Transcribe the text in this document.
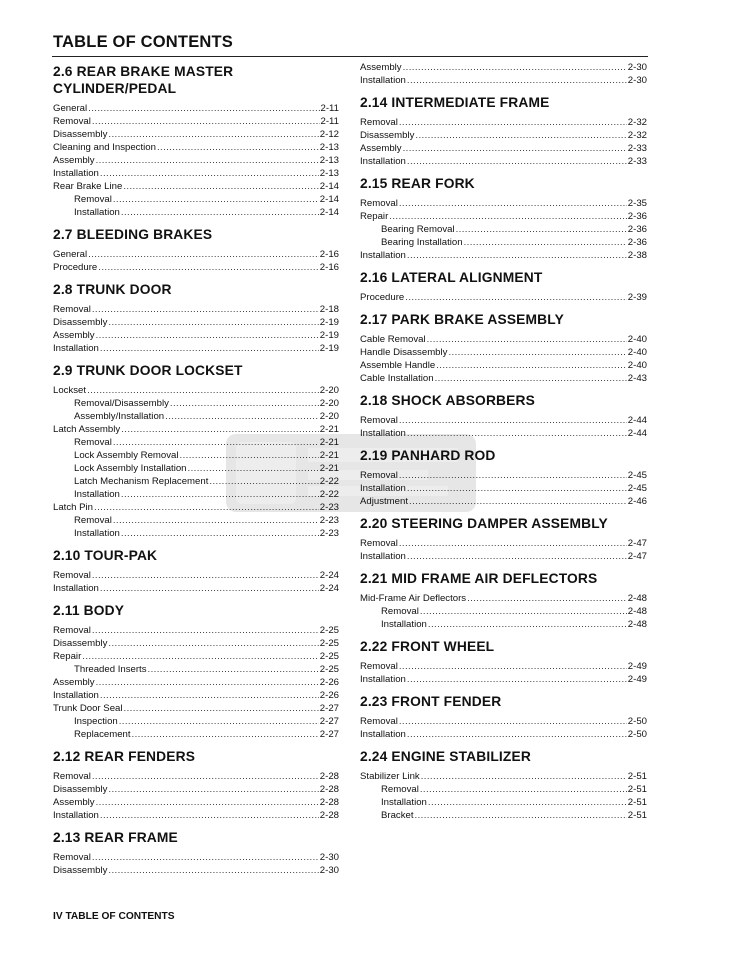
TABLE OF CONTENTS
2.6 REAR BRAKE MASTER CYLINDER/PEDAL
General .....	2-11
Removal .....	2-11
Disassembly .....	2-12
Cleaning and Inspection .....	2-13
Assembly .....	2-13
Installation .....	2-13
Rear Brake Line .....	2-14
Removal .....	2-14
Installation .....	2-14
2.7 BLEEDING BRAKES
General .....	2-16
Procedure .....	2-16
2.8 TRUNK DOOR
Removal .....	2-18
Disassembly .....	2-19
Assembly .....	2-19
Installation .....	2-19
2.9 TRUNK DOOR LOCKSET
Lockset .....	2-20
Removal/Disassembly .....	2-20
Assembly/Installation .....	2-20
Latch Assembly .....	2-21
Removal .....	2-21
Lock Assembly Removal .....	2-21
Lock Assembly Installation .....	2-21
Latch Mechanism Replacement .....	2-22
Installation .....	2-22
Latch Pin .....	2-23
Removal .....	2-23
Installation .....	2-23
2.10 TOUR-PAK
Removal .....	2-24
Installation .....	2-24
2.11 BODY
Removal .....	2-25
Disassembly .....	2-25
Repair .....	2-25
Threaded Inserts .....	2-25
Assembly .....	2-26
Installation .....	2-26
Trunk Door Seal .....	2-27
Inspection .....	2-27
Replacement .....	2-27
2.12 REAR FENDERS
Removal .....	2-28
Disassembly .....	2-28
Assembly .....	2-28
Installation .....	2-28
2.13 REAR FRAME
Removal .....	2-30
Disassembly .....	2-30
Assembly .....	2-30
Installation .....	2-30
2.14 INTERMEDIATE FRAME
Removal .....	2-32
Disassembly .....	2-32
Assembly .....	2-33
Installation .....	2-33
2.15 REAR FORK
Removal .....	2-35
Repair .....	2-36
Bearing Removal .....	2-36
Bearing Installation .....	2-36
Installation .....	2-38
2.16 LATERAL ALIGNMENT
Procedure .....	2-39
2.17 PARK BRAKE ASSEMBLY
Cable Removal .....	2-40
Handle Disassembly .....	2-40
Assemble Handle .....	2-40
Cable Installation .....	2-43
2.18 SHOCK ABSORBERS
Removal .....	2-44
Installation .....	2-44
2.19 PANHARD ROD
Removal .....	2-45
Installation .....	2-45
Adjustment .....	2-46
2.20 STEERING DAMPER ASSEMBLY
Removal .....	2-47
Installation .....	2-47
2.21 MID FRAME AIR DEFLECTORS
Mid-Frame Air Deflectors .....	2-48
Removal .....	2-48
Installation .....	2-48
2.22 FRONT WHEEL
Removal .....	2-49
Installation .....	2-49
2.23 FRONT FENDER
Removal .....	2-50
Installation .....	2-50
2.24 ENGINE STABILIZER
Stabilizer Link .....	2-51
Removal .....	2-51
Installation .....	2-51
Bracket .....	2-51
IV TABLE OF CONTENTS
